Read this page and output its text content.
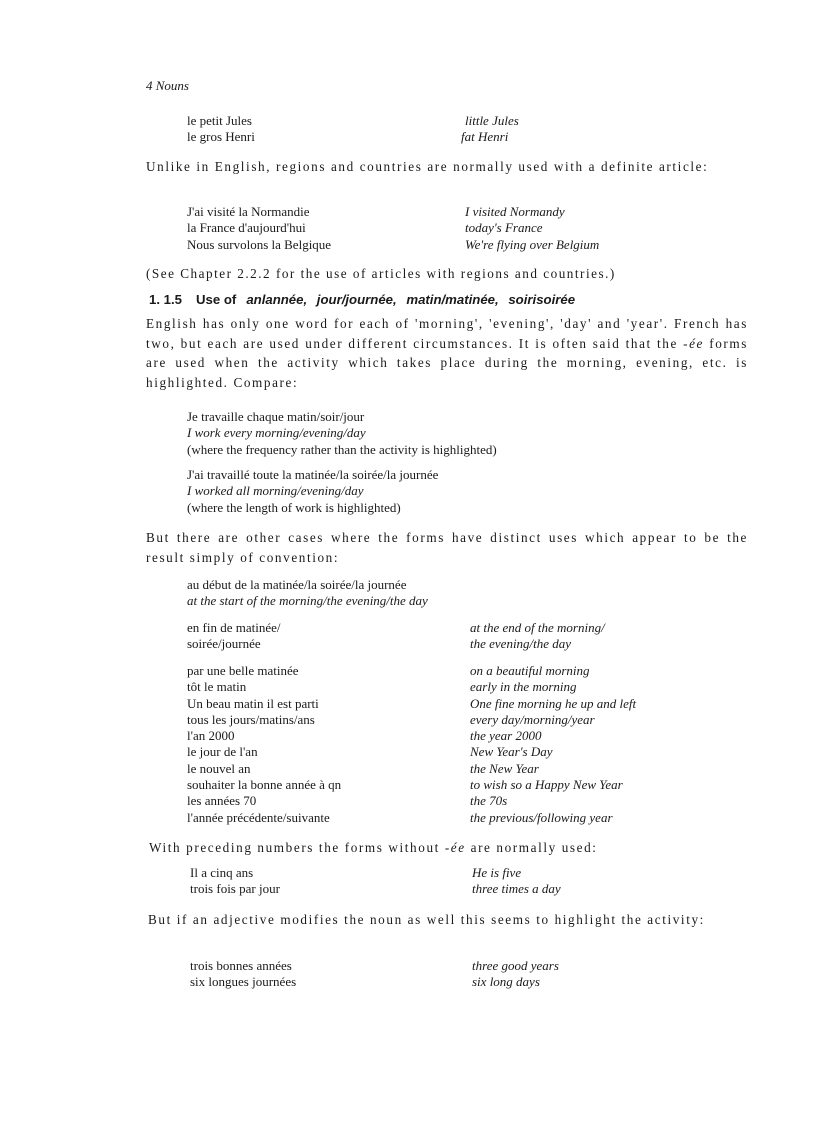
4 Nouns
le petit Jules	little Jules
le gros Henri	fat Henri

Unlike in English, regions and countries are normally used with a definite article:

J'ai visité la Normandie	I visited Normandy
la France d'aujourd'hui	today's France
Nous survolons la Belgique	We're flying over Belgium

(See Chapter 2.2.2 for the use of articles with regions and countries.)

1. 1.5 Use of anlannée, jour/journée, matin/matinée, soirisoirée

English has only one word for each of 'morning', 'evening', 'day' and 'year'. French has two, but each are used under different circumstances. It is often said that the -ée forms are used when the activity which takes place during the morning, evening, etc. is highlighted. Compare:

Je travaille chaque matin/soir/jour
I work every morning/evening/day
(where the frequency rather than the activity is highlighted)
J'ai travaillé toute la matinée/la soirée/la journée
I worked all morning/evening/day
(where the length of work is highlighted)

But there are other cases where the forms have distinct uses which appear to be the result simply of convention:

au début de la matinée/la soirée/la journée
at the start of the morning/the evening/the day
en fin de matinée/	at the end of the morning/
soirée/journée	the evening/the day
par une belle matinée	on a beautiful morning
tôt le matin	early in the morning
Un beau matin il est parti	One fine morning he up and left
tous les jours/matins/ans	every day/morning/year
l'an 2000	the year 2000
le jour de l'an	New Year's Day
le nouvel an	the New Year
souhaiter la bonne année à qn	to wish so a Happy New Year
les années 70	the 70s
l'année précédente/suivante	the previous/following year

With preceding numbers the forms without -ée are normally used:

Il a cinq ans	He is five
trois fois par jour	three times a day

But if an adjective modifies the noun as well this seems to highlight the activity:

trois bonnes années	three good years
six longues journées	six long days
